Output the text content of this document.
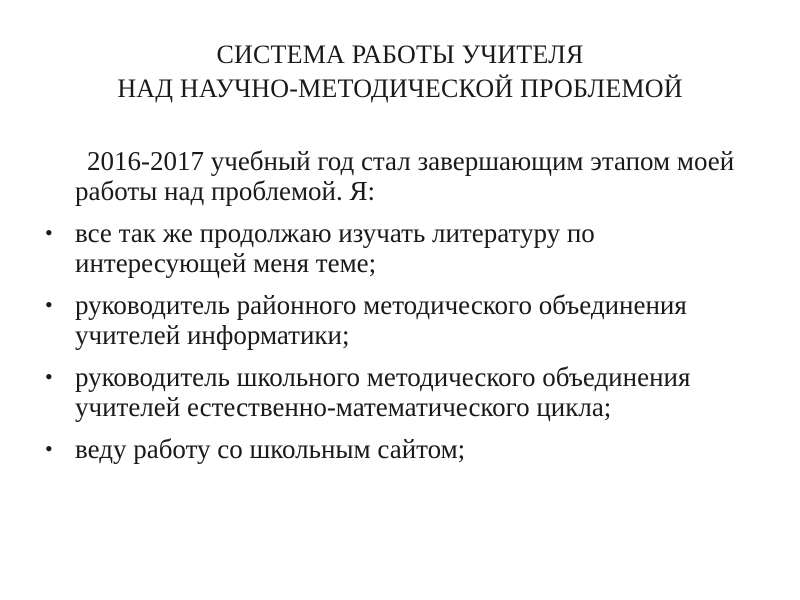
СИСТЕМА РАБОТЫ УЧИТЕЛЯ
НАД НАУЧНО-МЕТОДИЧЕСКОЙ ПРОБЛЕМОЙ

2016-2017 учебный год стал завершающим этапом моей работы над проблемой. Я:

• все так же продолжаю изучать литературу по интересующей меня теме;
• руководитель районного методического объединения учителей информатики;
• руководитель школьного методического объединения учителей естественно-математического цикла;
• веду работу со школьным сайтом;
